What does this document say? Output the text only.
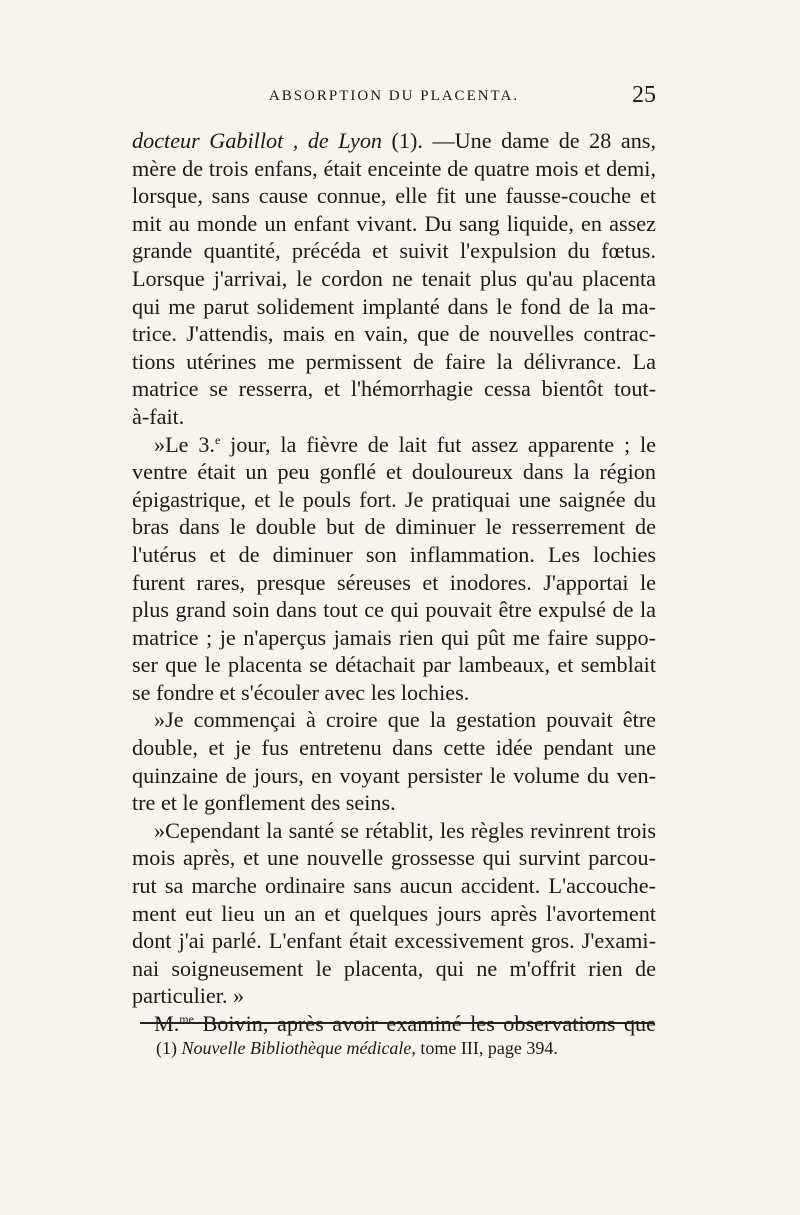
ABSORPTION DU PLACENTA.	25
docteur Gabillot , de Lyon (1). —Une dame de 28 ans,
mère de trois enfans, était enceinte de quatre mois et demi,
lorsque, sans cause connue, elle fit une fausse-couche et
mit au monde un enfant vivant. Du sang liquide, en assez
grande quantité, précéda et suivit l'expulsion du fœtus.
Lorsque j'arrivai, le cordon ne tenait plus qu'au placenta
qui me parut solidement implanté dans le fond de la ma-
trice. J'attendis, mais en vain, que de nouvelles contrac-
tions utérines me permissent de faire la délivrance. La
matrice se resserra, et l'hémorrhagie cessa bientôt tout-
à-fait.
»Le 3.$^e$ jour, la fièvre de lait fut assez apparente ; le
ventre était un peu gonflé et douloureux dans la région
épigastrique, et le pouls fort. Je pratiquai une saignée du
bras dans le double but de diminuer le resserrement de
l'utérus et de diminuer son inflammation. Les lochies
furent rares, presque séreuses et inodores. J'apportai le
plus grand soin dans tout ce qui pouvait être expulsé de la
matrice ; je n'aperçus jamais rien qui pût me faire suppo-
ser que le placenta se détachait par lambeaux, et semblait
se fondre et s'écouler avec les lochies.
»Je commençai à croire que la gestation pouvait être
double, et je fus entretenu dans cette idée pendant une
quinzaine de jours, en voyant persister le volume du ven-
tre et le gonflement des seins.
»Cependant la santé se rétablit, les règles revinrent trois
mois après, et une nouvelle grossesse qui survint parcou-
rut sa marche ordinaire sans aucun accident. L'accouche-
ment eut lieu un an et quelques jours après l'avortement
dont j'ai parlé. L'enfant était excessivement gros. J'exami-
nai soigneusement le placenta, qui ne m'offrit rien de
particulier. »
M.$^{me}$ Boivin, après avoir examiné les observations que
(1) Nouvelle Bibliothèque médicale, tome III, page 394.
